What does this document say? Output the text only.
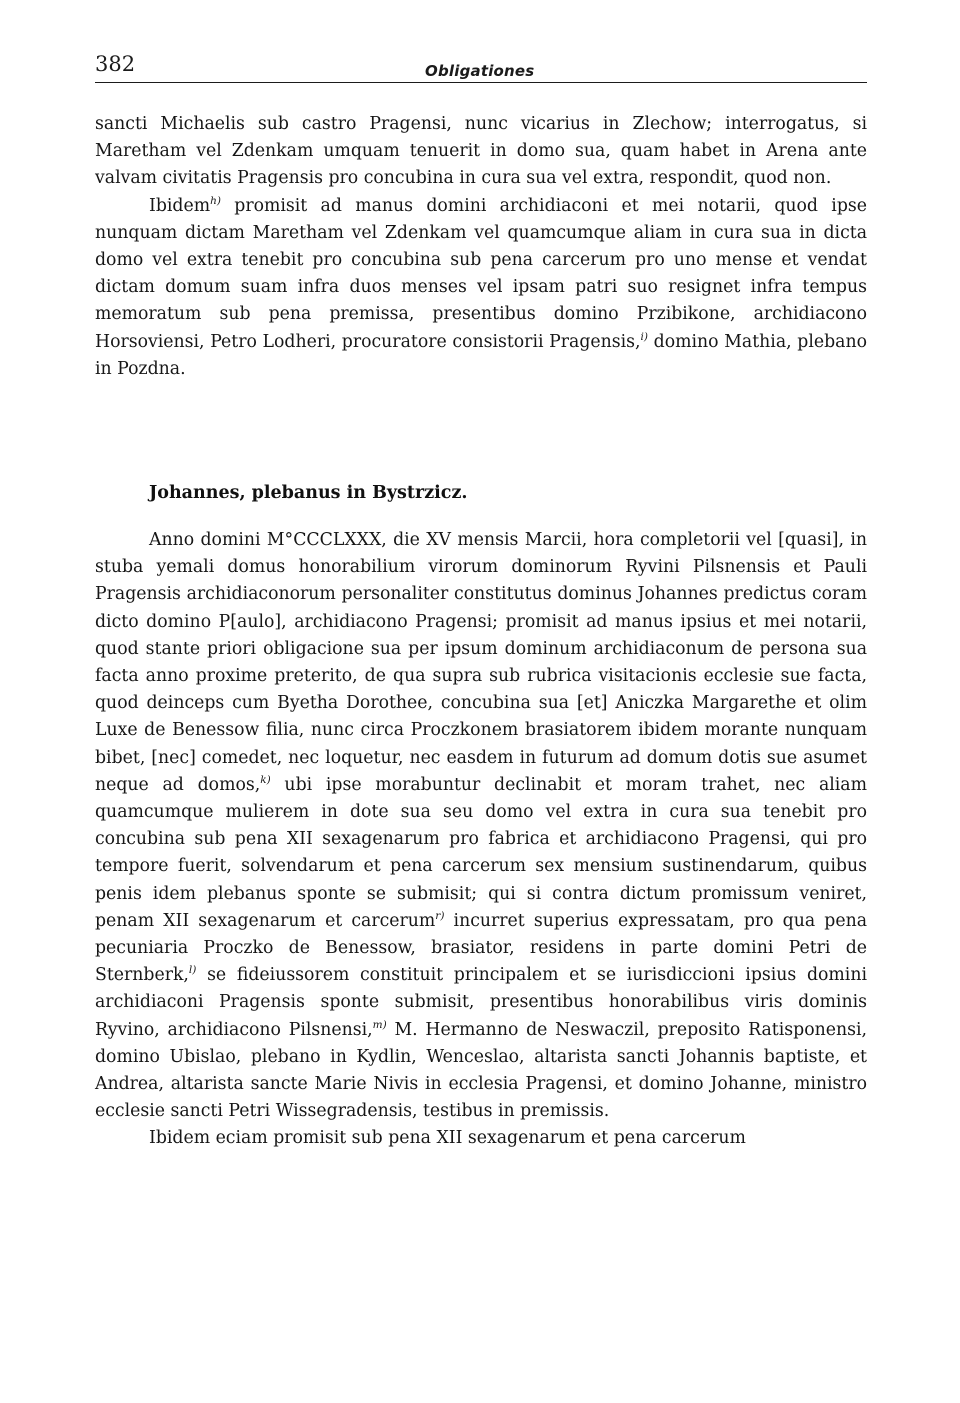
382	Obligationes

sancti Michaelis sub castro Pragensi, nunc vicarius in Zlechow; interrogatus, si Maretham vel Zdenkam umquam tenuerit in domo sua, quam habet in Arena ante valvam civitatis Pragensis pro concubina in cura sua vel extra, respondit, quod non.

Ibidem$^{h)}$ promisit ad manus domini archidiaconi et mei notarii, quod ipse nunquam dictam Maretham vel Zdenkam vel quamcumque aliam in cura sua in dicta domo vel extra tenebit pro concubina sub pena carcerum pro uno mense et vendat dictam domum suam infra duos menses vel ipsam patri suo resignet infra tempus memoratum sub pena premissa, presentibus domino Przibikone, archidiacono Horsoviensi, Petro Lodheri, procuratore consistorii Pragensis,$^{i)}$ domino Mathia, plebano in Pozdna.

Johannes, plebanus in Bystrzicz.

Anno domini M°CCCLXXX, die XV mensis Marcii, hora completorii vel [quasi], in stuba yemali domus honorabilium virorum dominorum Ryvini Pilsnensis et Pauli Pragensis archidiaconorum personaliter constitutus dominus Johannes predictus coram dicto domino P[aulo], archidiacono Pragensi; promisit ad manus ipsius et mei notarii, quod stante priori obligacione sua per ipsum dominum archidiaconum de persona sua facta anno proxime preterito, de qua supra sub rubrica visitacionis ecclesie sue facta, quod deinceps cum Byetha Dorothee, concubina sua [et] Aniczka Margarethe et olim Luxe de Benessow filia, nunc circa Proczkonem brasiatorem ibidem morante nunquam bibet, [nec] comedet, nec loquetur, nec easdem in futurum ad domum dotis sue asumet neque ad domos,$^{k)}$ ubi ipse morabuntur declinabit et moram trahet, nec aliam quamcumque mulierem in dote sua seu domo vel extra in cura sua tenebit pro concubina sub pena XII sexagenarum pro fabrica et archidiacono Pragensi, qui pro tempore fuerit, solvendarum et pena carcerum sex mensium sustinendarum, quibus penis idem plebanus sponte se submisit; qui si contra dictum promissum veniret, penam XII sexagenarum et carcerum$^{r)}$ incurret superius expressatam, pro qua pena pecuniaria Proczko de Benessow, brasiator, residens in parte domini Petri de Sternberk,$^{l)}$ se fideiussorem constituit principalem et se iurisdiccioni ipsius domini archidiaconi Pragensis sponte submisit, presentibus honorabilibus viris dominis Ryvino, archidiacono Pilsnensi,$^{m)}$ M. Hermanno de Neswaczil, preposito Ratisponensi, domino Ubislao, plebano in Kydlin, Wenceslao, altarista sancti Johannis baptiste, et Andrea, altarista sancte Marie Nivis in ecclesia Pragensi, et domino Johanne, ministro ecclesie sancti Petri Wissegradensis, testibus in premissis.

Ibidem eciam promisit sub pena XII sexagenarum et pena carcerum
